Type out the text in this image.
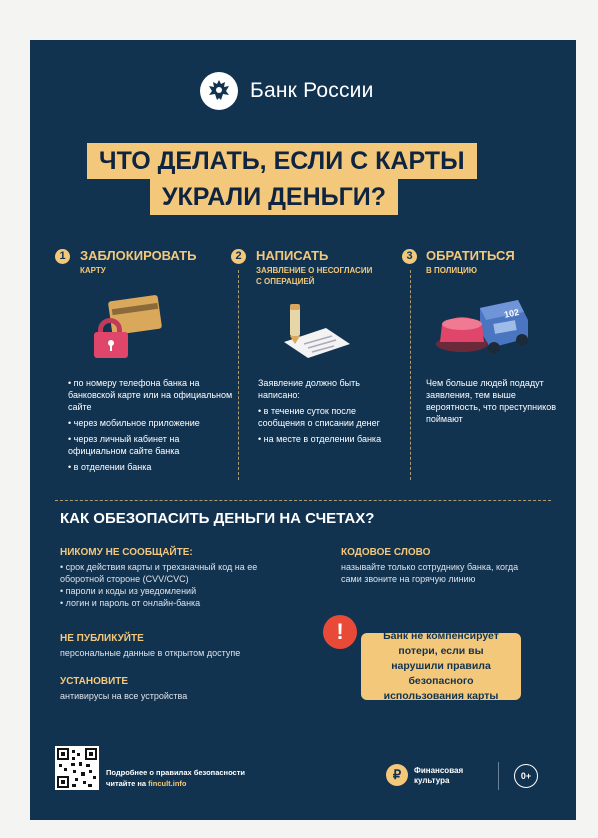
Банк России
ЧТО ДЕЛАТЬ, ЕСЛИ С КАРТЫ
УКРАЛИ ДЕНЬГИ?
1	ЗАБЛОКИРОВАТЬ
КАРТУ
2	НАПИСАТЬ
ЗАЯВЛЕНИЕ О НЕСОГЛАСИИ С ОПЕРАЦИЕЙ
3	ОБРАТИТЬСЯ
В ПОЛИЦИЮ
102
• по номеру телефона банка на банковской карте или на официальном сайте
• через мобильное приложение
• через личный кабинет на официальном сайте банка
• в отделении банка
Заявление должно быть написано:
• в течение суток после сообщения о списании денег
• на месте в отделении банка
Чем больше людей подадут заявления, тем выше вероятность, что преступников поймают
КАК ОБЕЗОПАСИТЬ ДЕНЬГИ НА СЧЕТАХ?
НИКОМУ НЕ СООБЩАЙТЕ:
• срок действия карты и трехзначный код на ее оборотной стороне (CVV/CVC)
• пароли и коды из уведомлений
• логин и пароль от онлайн-банка
НЕ ПУБЛИКУЙТЕ
персональные данные в открытом доступе
УСТАНОВИТЕ
антивирусы на все устройства
КОДОВОЕ СЛОВО
называйте только сотруднику банка, когда сами звоните на горячую линию
Банк не компенсирует потери, если вы нарушили правила безопасного использования карты
!
Подробнее о правилах безопасности
читайте на fincult.info
₽	Финансовая
культура	0+
